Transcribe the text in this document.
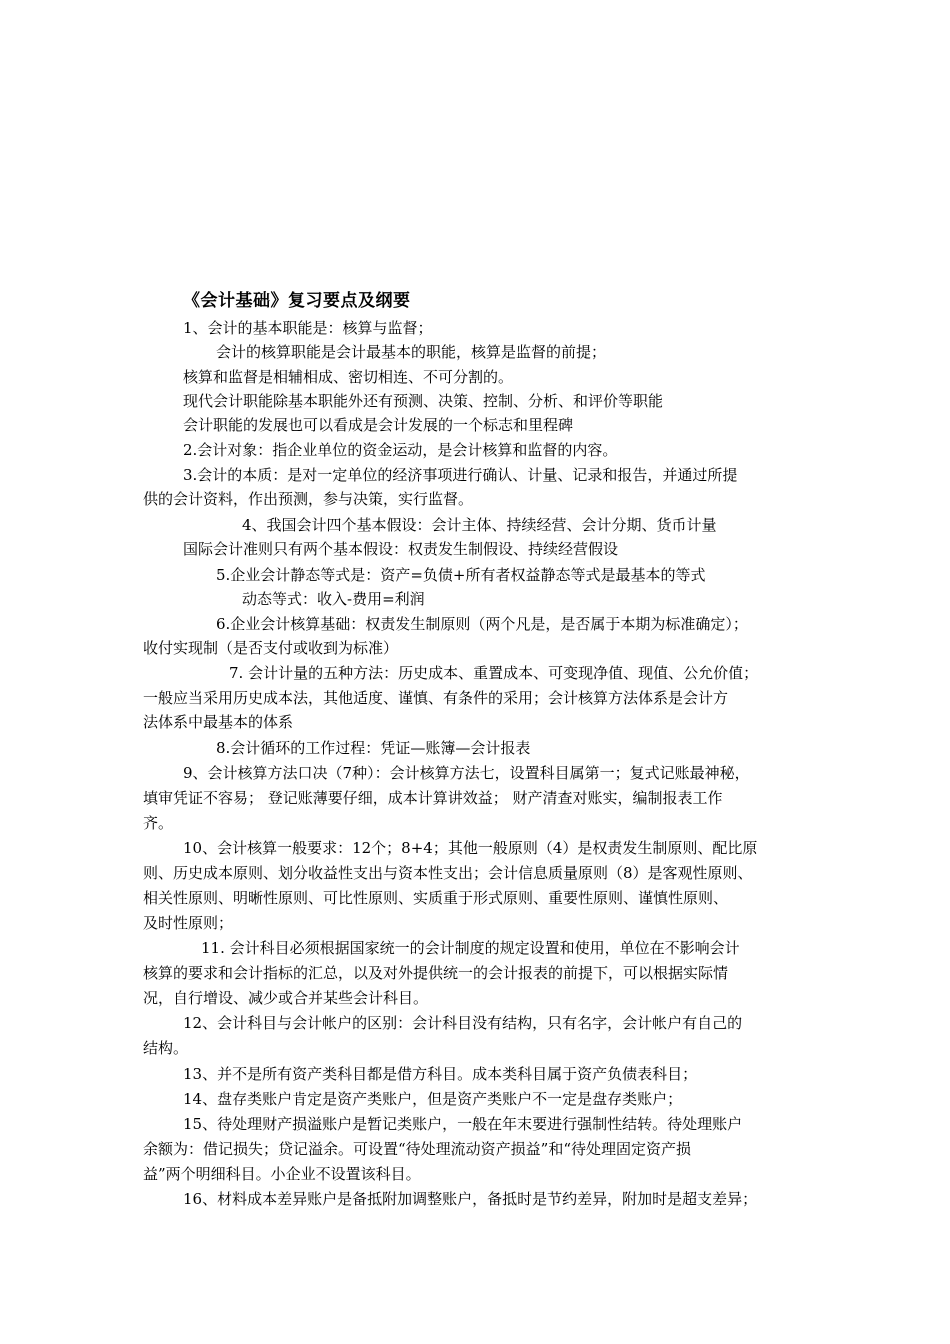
《会计基础》复习要点及纲要
1、会计的基本职能是：核算与监督；
会计的核算职能是会计最基本的职能，核算是监督的前提；
核算和监督是相辅相成、密切相连、不可分割的。
现代会计职能除基本职能外还有预测、决策、控制、分析、和评价等职能
会计职能的发展也可以看成是会计发展的一个标志和里程碑
2.会计对象：指企业单位的资金运动，是会计核算和监督的内容。
3.会计的本质：是对一定单位的经济事项进行确认、计量、记录和报告，并通过所提
供的会计资料，作出预测，参与决策，实行监督。
4、我国会计四个基本假设：会计主体、持续经营、会计分期、货币计量
国际会计准则只有两个基本假设：权责发生制假设、持续经营假设
5.企业会计静态等式是：资产=负债+所有者权益静态等式是最基本的等式
动态等式：收入-费用=利润
6.企业会计核算基础：权责发生制原则（两个凡是，是否属于本期为标准确定）；
收付实现制（是否支付或收到为标准）
7. 会计计量的五种方法：历史成本、重置成本、可变现净值、现值、公允价值；
一般应当采用历史成本法，其他适度、谨慎、有条件的采用；会计核算方法体系是会计方
法体系中最基本的体系
8.会计循环的工作过程：凭证—账簿—会计报表
9、会计核算方法口决（7种）：会计核算方法七，设置科目属第一；复式记账最神秘，
填审凭证不容易； 登记账薄要仔细，成本计算讲效益； 财产清查对账实，编制报表工作
齐。
10、会计核算一般要求：12个；8+4；其他一般原则（4）是权责发生制原则、配比原
则、历史成本原则、划分收益性支出与资本性支出；会计信息质量原则（8）是客观性原则、
相关性原则、明晰性原则、可比性原则、实质重于形式原则、重要性原则、谨慎性原则、
及时性原则；
11. 会计科目必须根据国家统一的会计制度的规定设置和使用，单位在不影响会计
核算的要求和会计指标的汇总，以及对外提供统一的会计报表的前提下，可以根据实际情
况，自行增设、减少或合并某些会计科目。
12、会计科目与会计帐户的区别：会计科目没有结构，只有名字，会计帐户有自己的
结构。
13、并不是所有资产类科目都是借方科目。成本类科目属于资产负债表科目；
14、盘存类账户肯定是资产类账户，但是资产类账户不一定是盘存类账户；
15、待处理财产损溢账户是暂记类账户，一般在年末要进行强制性结转。待处理账户
余额为：借记损失；贷记溢余。可设置“待处理流动资产损益”和“待处理固定资产损
益”两个明细科目。小企业不设置该科目。
16、材料成本差异账户是备抵附加调整账户，备抵时是节约差异，附加时是超支差异；
